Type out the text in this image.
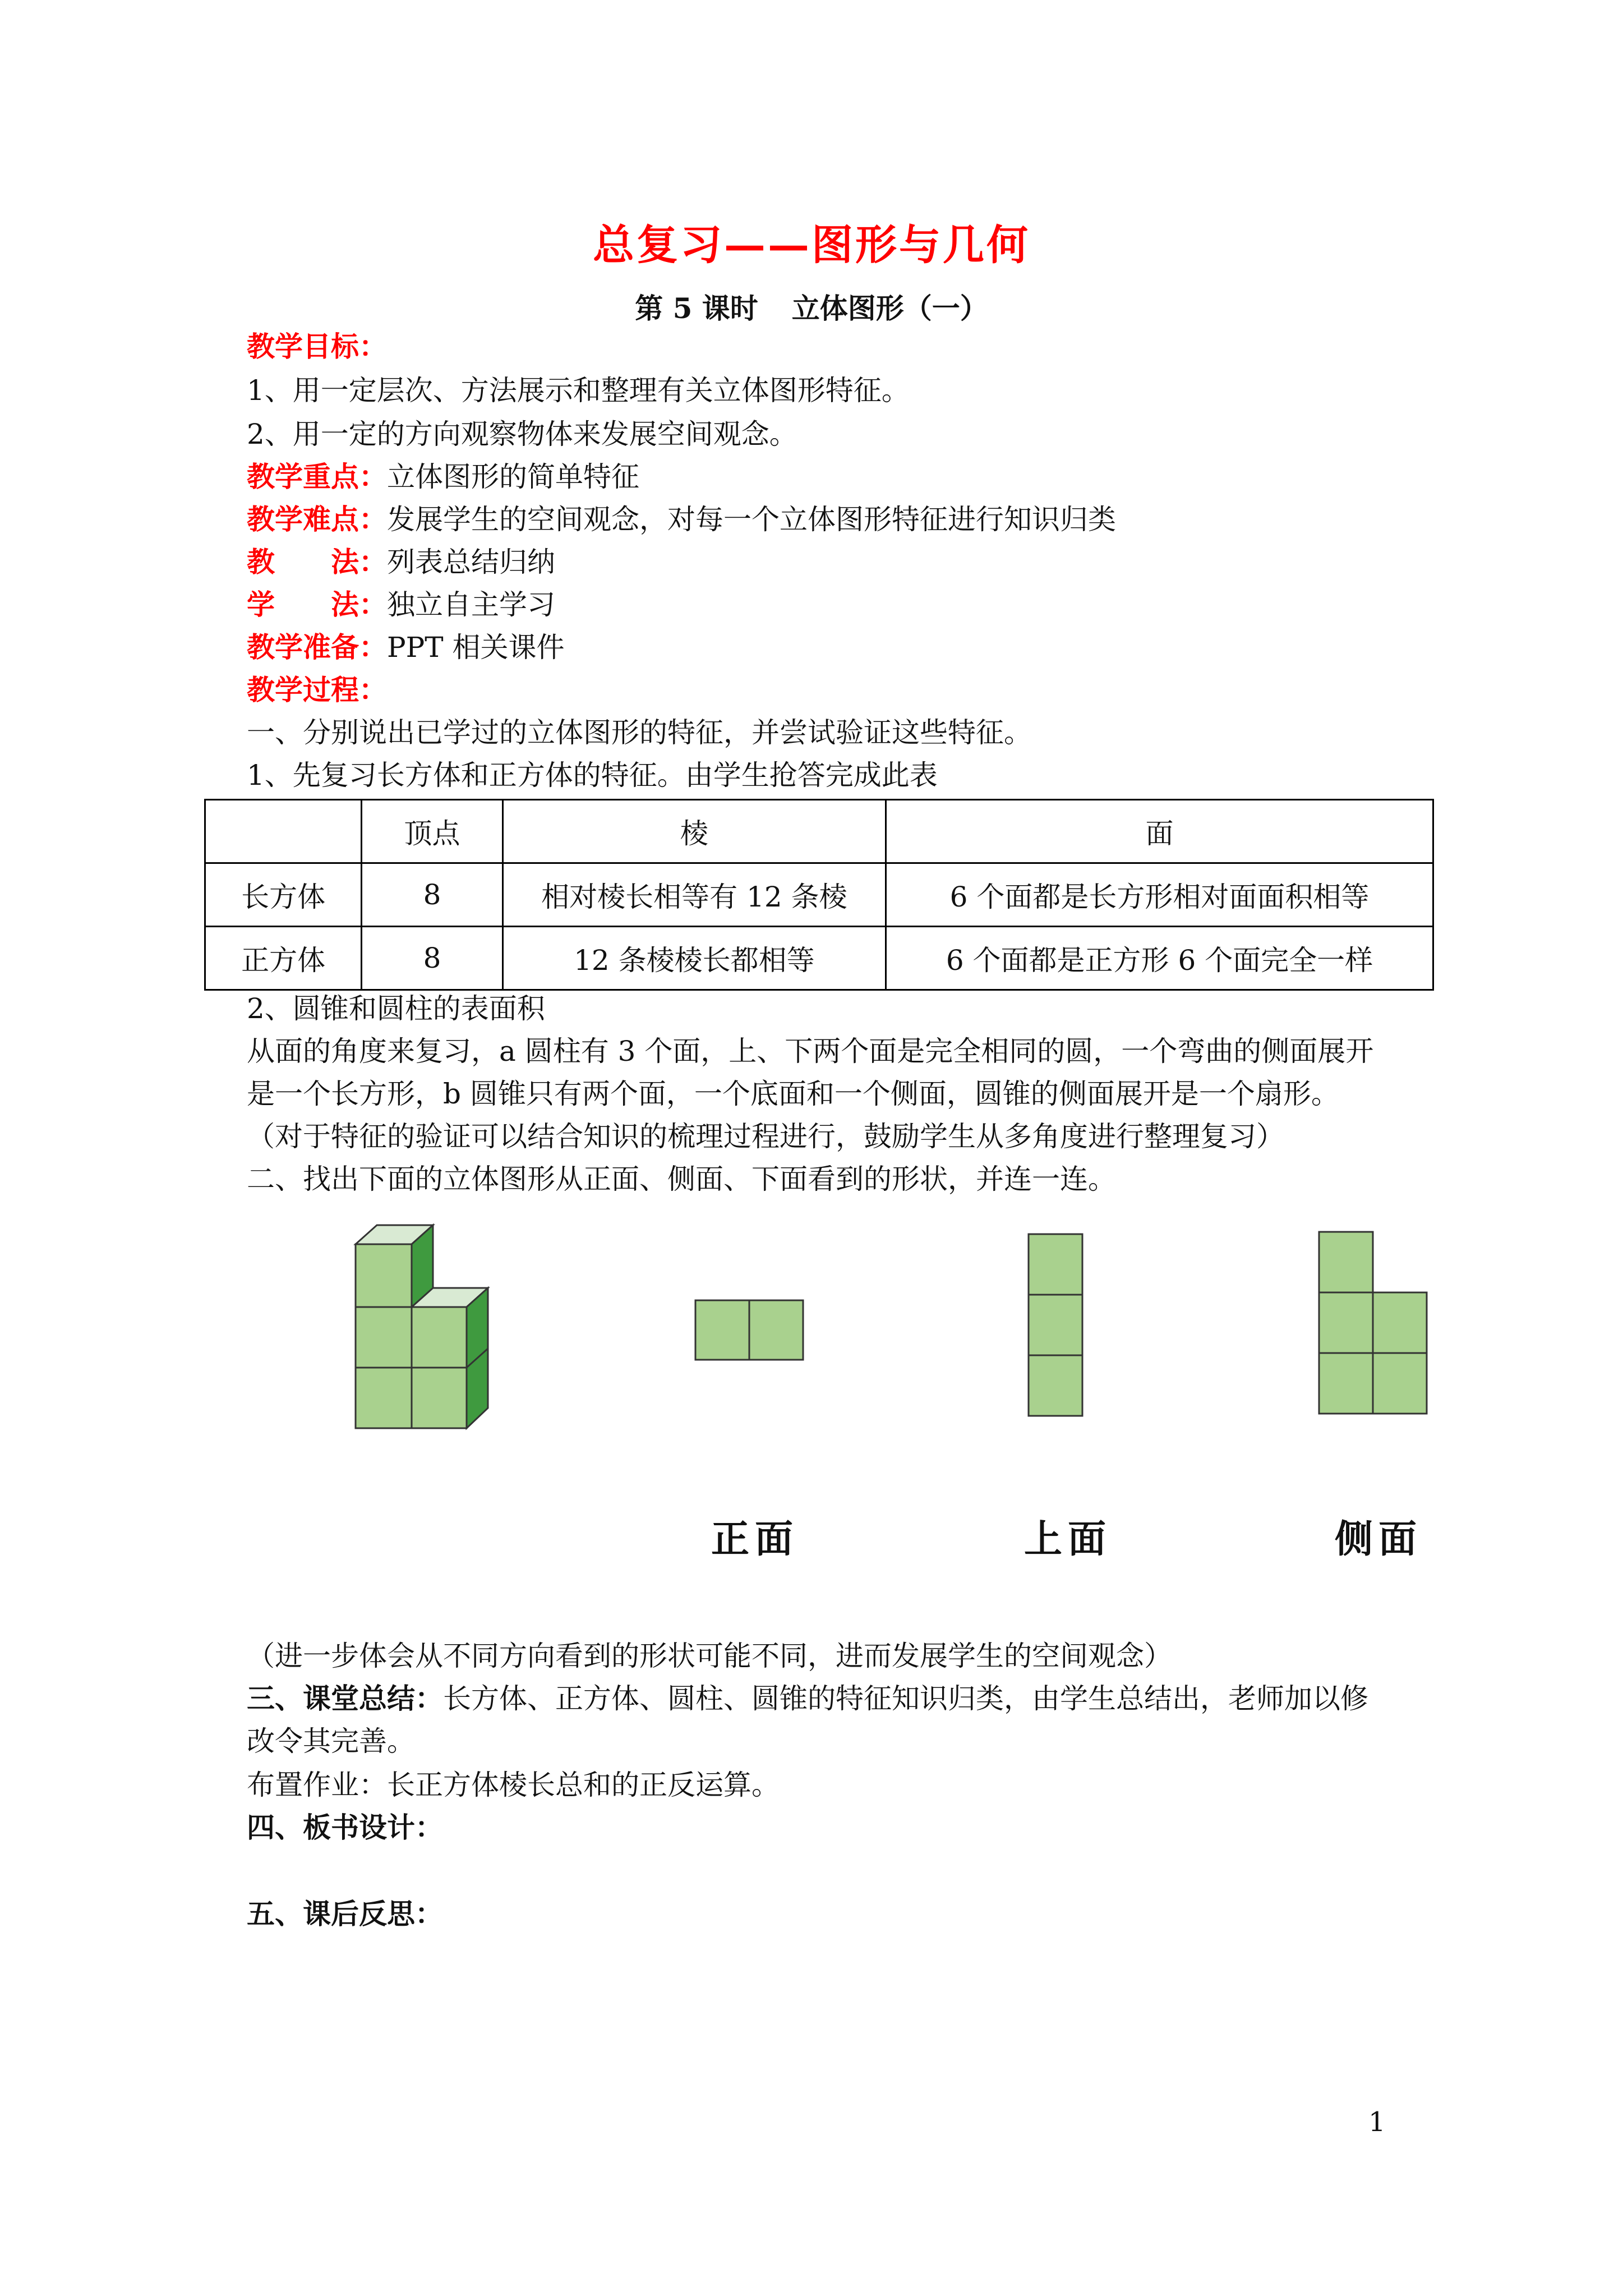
总复习——图形与几何
第 5 课时 立体图形（一）
教学目标：
1、用一定层次、方法展示和整理有关立体图形特征。
2、用一定的方向观察物体来发展空间观念。
教学重点：立体图形的简单特征
教学难点：发展学生的空间观念，对每一个立体图形特征进行知识归类
教　　法：列表总结归纳
学　　法：独立自主学习
教学准备：PPT 相关课件
教学过程：
一、分别说出已学过的立体图形的特征，并尝试验证这些特征。
1、先复习长方体和正方体的特征。由学生抢答完成此表
	顶点	棱	面
长方体	8	相对棱长相等有 12 条棱	6 个面都是长方形相对面面积相等
正方体	8	12 条棱棱长都相等	6 个面都是正方形 6 个面完全一样
2、圆锥和圆柱的表面积
从面的角度来复习，a 圆柱有 3 个面，上、下两个面是完全相同的圆，一个弯曲的侧面展开
是一个长方形，b 圆锥只有两个面，一个底面和一个侧面，圆锥的侧面展开是一个扇形。
（对于特征的验证可以结合知识的梳理过程进行，鼓励学生从多角度进行整理复习）
二、找出下面的立体图形从正面、侧面、下面看到的形状，并连一连。
正面	上面	侧面
（进一步体会从不同方向看到的形状可能不同，进而发展学生的空间观念）
三、课堂总结：长方体、正方体、圆柱、圆锥的特征知识归类，由学生总结出，老师加以修
改令其完善。
布置作业：长正方体棱长总和的正反运算。
四、板书设计：
五、课后反思：
1
